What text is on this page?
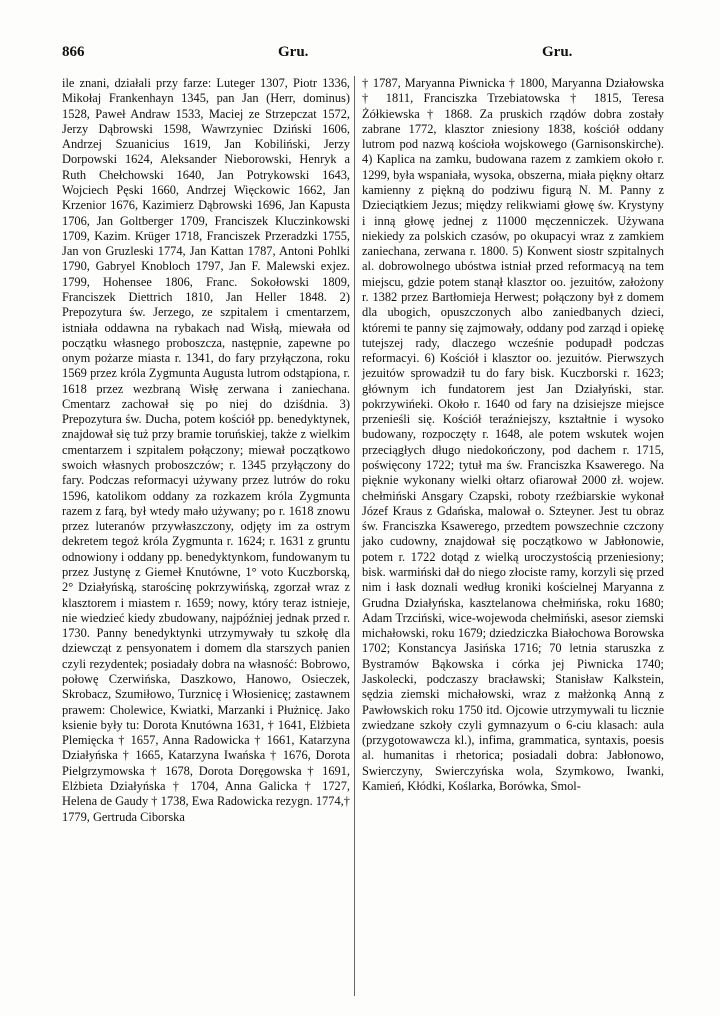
866	Gru.	Gru.

ile znani, działali przy farze: Luteger 1307, Piotr 1336, Mikołaj Frankenhayn 1345, pan Jan (Herr, dominus) 1528, Paweł Andraw 1533, Maciej ze Strzepczat 1572, Jerzy Dąbrowski 1598, Wawrzyniec Dziński 1606, Andrzej Szuanicius 1619, Jan Kobiliński, Jerzy Dorpowski 1624, Aleksander Nieborowski, Henryk a Ruth Chełchowski 1640, Jan Potrykowski 1643, Wojciech Pęski 1660, Andrzej Więckowic 1662, Jan Krzenior 1676, Kazimierz Dąbrowski 1696, Jan Kapusta 1706, Jan Goltberger 1709, Franciszek Kluczinkowski 1709, Kazim. Krüger 1718, Franciszek Przeradzki 1755, Jan von Gruzleski 1774, Jan Kattan 1787, Antoni Pohlki 1790, Gabryel Knobloch 1797, Jan F. Malewski exjez. 1799, Hohensee 1806, Franc. Sokołowski 1809, Franciszek Diettrich 1810, Jan Heller 1848. 2) Prepozytura św. Jerzego, ze szpitalem i cmentarzem, istniała oddawna na rybakach nad Wisłą, miewała od początku własnego proboszcza, następnie, zapewne po onym pożarze miasta r. 1341, do fary przyłączona, roku 1569 przez króla Zygmunta Augusta lutrom odstąpiona, r. 1618 przez wezbraną Wisłę zerwana i zaniechana. Cmentarz zachował się po niej do dziśdnia. 3) Prepozytura św. Ducha, potem kościół pp. benedyktynek, znajdował się tuż przy bramie toruńskiej, także z wielkim cmentarzem i szpitalem połączony; miewał początkowo swoich własnych proboszczów; r. 1345 przyłączony do fary. Podczas reformacyi używany przez lutrów do roku 1596, katolikom oddany za rozkazem króla Zygmunta razem z farą, był wtedy mało używany; po r. 1618 znowu przez luteranów przywłaszczony, odjęty im za ostrym dekretem tegoż króla Zygmunta r. 1624; r. 1631 z gruntu odnowiony i oddany pp. benedyktynkom, fundowanym tu przez Justynę z Giemeł Knutówne, 1° voto Kuczborską, 2° Działyńską, starościnę pokrzywińską, zgorzał wraz z klasztorem i miastem r. 1659; nowy, który teraz istnieje, nie wiedzieć kiedy zbudowany, najpóźniej jednak przed r. 1730. Panny benedyktynki utrzymywały tu szkołę dla dziewcząt z pensyonatem i domem dla starszych panien czyli rezydentek; posiadały dobra na własność: Bobrowo, połowę Czerwińska, Daszkowo, Hanowo, Osieczek, Skrobacz, Szumiłowo, Turznicę i Włosienicę; zastawnem prawem: Cholewice, Kwiatki, Marzanki i Płużnicę. Jako ksienie były tu: Dorota Knutówna 1631, † 1641, Elżbieta Plemięcka † 1657, Anna Radowicka † 1661, Katarzyna Działyńska † 1665, Katarzyna Iwańska † 1676, Dorota Pielgrzymowska † 1678, Dorota Doręgowska † 1691, Elżbieta Działyńska † 1704, Anna Galicka † 1727, Helena de Gaudy † 1738, Ewa Radowicka rezygn. 1774,† 1779, Gertruda Ciborska

† 1787, Maryanna Piwnicka † 1800, Maryanna Działowska † 1811, Franciszka Trzebiatowska † 1815, Teresa Żółkiewska † 1868. Za pruskich rządów dobra zostały zabrane 1772, klasztor zniesiony 1838, kościół oddany lutrom pod nazwą kościoła wojskowego (Garnisonskirche). 4) Kaplica na zamku, budowana razem z zamkiem około r. 1299, była wspaniała, wysoka, obszerna, miała piękny ołtarz kamienny z piękną do podziwu figurą N. M. Panny z Dzieciątkiem Jezus; między relikwiami głowę św. Krystyny i inną głowę jednej z 11000 męczenniczek. Używana niekiedy za polskich czasów, po okupacyi wraz z zamkiem zaniechana, zerwana r. 1800. 5) Konwent siostr szpitalnych al. dobrowolnego ubóstwa istniał przed reformacyą na tem miejscu, gdzie potem stanął klasztor oo. jezuitów, założony r. 1382 przez Bartłomieja Herwest; połączony był z domem dla ubogich, opuszczonych albo zaniedbanych dzieci, któremi te panny się zajmowały, oddany pod zarząd i opiekę tutejszej rady, dlaczego wcześnie podupadł podczas reformacyi. 6) Kościół i klasztor oo. jezuitów. Pierwszych jezuitów sprowadził tu do fary bisk. Kuczborski r. 1623; głównym ich fundatorem jest Jan Działyński, star. pokrzywińeki. Około r. 1640 od fary na dzisiejsze miejsce przenieśli się. Kościół teraźniejszy, kształtnie i wysoko budowany, rozpoczęty r. 1648, ale potem wskutek wojen przeciągłych długo niedokończony, pod dachem r. 1715, poświęcony 1722; tytuł ma św. Franciszka Ksawerego. Na pięknie wykonany wielki ołtarz ofiarował 2000 zł. wojew. chełmiński Ansgary Czapski, roboty rzeźbiarskie wykonał Józef Kraus z Gdańska, malował o. Szteyner. Jest tu obraz św. Franciszka Ksawerego, przedtem powszechnie czczony jako cudowny, znajdował się początkowo w Jabłonowie, potem r. 1722 dotąd z wielką uroczystością przeniesiony; bisk. warmiński dał do niego złociste ramy, korzyli się przed nim i łask doznali według kroniki kościelnej Maryanna z Grudna Działyńska, kasztelanowa chełmińska, roku 1680; Adam Trzciński, wice-wojewoda chełmiński, asesor ziemski michałowski, roku 1679; dziedziczka Białochowa Borowska 1702; Konstancya Jasińska 1716; 70 letnia staruszka z Bystramów Bąkowska i córka jej Piwnicka 1740; Jaskolecki, podczaszy bracławski; Stanisław Kalkstein, sędzia ziemski michałowski, wraz z małżonką Anną z Pawłowskich roku 1750 itd. Ojcowie utrzymywali tu licznie zwiedzane szkoły czyli gymnazyum o 6-ciu klasach: aula (przygotowawcza kl.), infima, grammatica, syntaxis, poesis al. humanitas i rhetorica; posiadali dobra: Jabłonowo, Swierczyny, Swierczyńska wola, Szymkowo, Iwanki, Kamień, Kłódki, Koślarka, Borówka, Smol-
